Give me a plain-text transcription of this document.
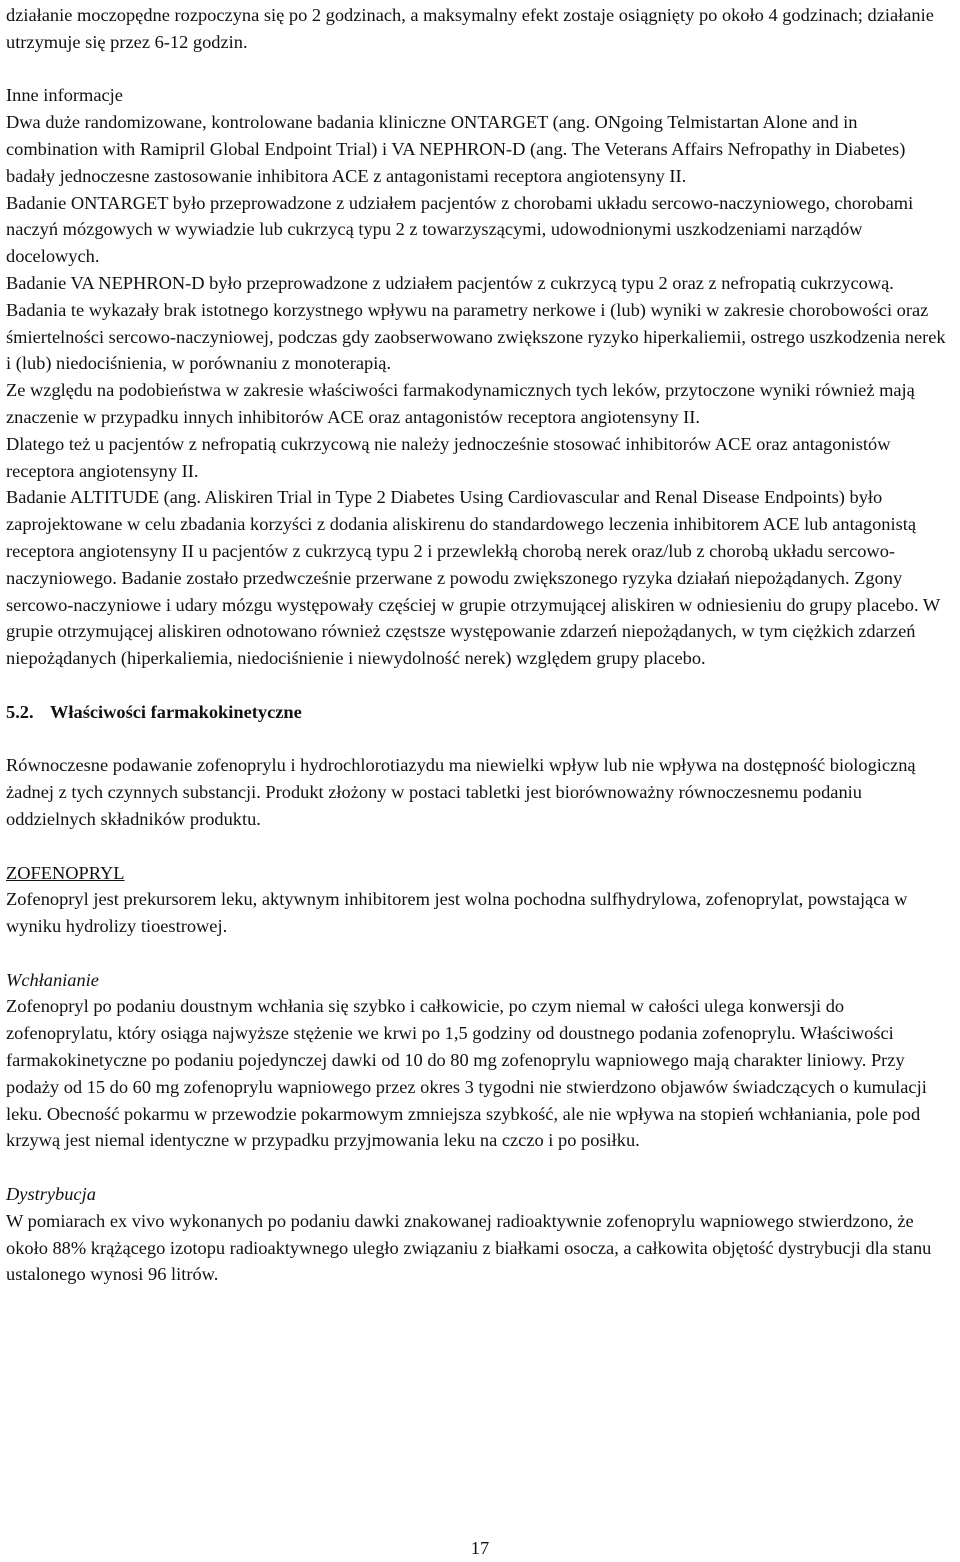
działanie moczopędne rozpoczyna się po 2 godzinach, a maksymalny efekt zostaje osiągnięty po około 4 godzinach; działanie utrzymuje się przez 6-12 godzin.

Inne informacje

Dwa duże randomizowane, kontrolowane badania kliniczne ONTARGET (ang. ONgoing Telmistartan Alone and in combination with Ramipril Global Endpoint Trial) i VA NEPHRON-D (ang. The Veterans Affairs Nefropathy in Diabetes) badały jednoczesne zastosowanie inhibitora ACE z antagonistami receptora angiotensyny II.

Badanie ONTARGET było przeprowadzone z udziałem pacjentów z chorobami układu sercowo-naczyniowego, chorobami naczyń mózgowych w wywiadzie lub cukrzycą typu 2 z towarzyszącymi, udowodnionymi uszkodzeniami narządów docelowych.

Badanie VA NEPHRON-D było przeprowadzone z udziałem pacjentów z cukrzycą typu 2 oraz z nefropatią cukrzycową.

Badania te wykazały brak istotnego korzystnego wpływu na parametry nerkowe i (lub) wyniki w zakresie chorobowości oraz śmiertelności sercowo-naczyniowej, podczas gdy zaobserwowano zwiększone ryzyko hiperkaliemii, ostrego uszkodzenia nerek i (lub) niedociśnienia, w porównaniu z monoterapią.

Ze względu na podobieństwa w zakresie właściwości farmakodynamicznych tych leków, przytoczone wyniki również mają znaczenie w przypadku innych inhibitorów ACE oraz antagonistów receptora angiotensyny II.

Dlatego też u pacjentów z nefropatią cukrzycową nie należy jednocześnie stosować inhibitorów ACE oraz antagonistów receptora angiotensyny II.

Badanie ALTITUDE (ang. Aliskiren Trial in Type 2 Diabetes Using Cardiovascular and Renal Disease Endpoints) było zaprojektowane w celu zbadania korzyści z dodania aliskirenu do standardowego leczenia inhibitorem ACE lub antagonistą receptora angiotensyny II u pacjentów z cukrzycą typu 2 i przewlekłą chorobą nerek oraz/lub z chorobą układu sercowo-naczyniowego. Badanie zostało przedwcześnie przerwane z powodu zwiększonego ryzyka działań niepożądanych. Zgony sercowo-naczyniowe i udary mózgu występowały częściej w grupie otrzymującej aliskiren w odniesieniu do grupy placebo. W grupie otrzymującej aliskiren odnotowano również częstsze występowanie zdarzeń niepożądanych, w tym ciężkich zdarzeń niepożądanych (hiperkaliemia, niedociśnienie i niewydolność nerek) względem grupy placebo.

5.2. Właściwości farmakokinetyczne

Równoczesne podawanie zofenoprylu i hydrochlorotiazydu ma niewielki wpływ lub nie wpływa na dostępność biologiczną żadnej z tych czynnych substancji. Produkt złożony w postaci tabletki jest biorównoważny równoczesnemu podaniu oddzielnych składników produktu.

ZOFENOPRYL

Zofenopryl jest prekursorem leku, aktywnym inhibitorem jest wolna pochodna sulfhydrylowa, zofenoprylat, powstająca w wyniku hydrolizy tioestrowej.

Wchłanianie

Zofenopryl po podaniu doustnym wchłania się szybko i całkowicie, po czym niemal w całości ulega konwersji do zofenoprylatu, który osiąga najwyższe stężenie we krwi po 1,5 godziny od doustnego podania zofenoprylu. Właściwości farmakokinetyczne po podaniu pojedynczej dawki od 10 do 80 mg zofenoprylu wapniowego mają charakter liniowy. Przy podaży od 15 do 60 mg zofenoprylu wapniowego przez okres 3 tygodni nie stwierdzono objawów świadczących o kumulacji leku. Obecność pokarmu w przewodzie pokarmowym zmniejsza szybkość, ale nie wpływa na stopień wchłaniania, pole pod krzywą jest niemal identyczne w przypadku przyjmowania leku na czczo i po posiłku.

Dystrybucja

W pomiarach ex vivo wykonanych po podaniu dawki znakowanej radioaktywnie zofenoprylu wapniowego stwierdzono, że około 88% krążącego izotopu radioaktywnego uległo związaniu z białkami osocza, a całkowita objętość dystrybucji dla stanu ustalonego wynosi 96 litrów.

17
